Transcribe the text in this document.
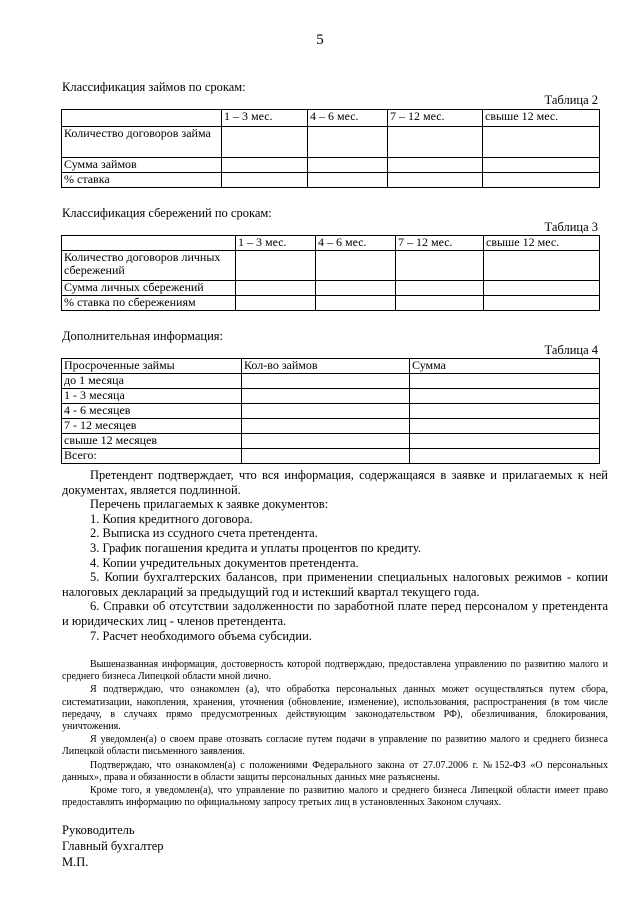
5
Классификация займов по срокам:
Таблица 2
	1 – 3 мес.	4 – 6 мес.	7 – 12 мес.	свыше 12 мес.
Количество договоров займа				
Сумма займов				
% ставка				
Классификация сбережений по срокам:
Таблица 3
	1 – 3 мес.	4 – 6 мес.	7 – 12 мес.	свыше 12 мес.
Количество договоров личных сбережений				
Сумма личных сбережений				
% ставка по сбережениям				
Дополнительная информация:
Таблица 4
Просроченные займы	Кол-во займов	Сумма
до 1 месяца		
1 - 3 месяца		
4 - 6 месяцев		
7 - 12 месяцев		
свыше 12 месяцев		
Всего:		

Претендент подтверждает, что вся информация, содержащаяся в заявке и прилагаемых к ней документах, является подлинной.

Перечень прилагаемых к заявке документов:

1. Копия кредитного договора.

2. Выписка из ссудного счета претендента.

3. График погашения кредита и уплаты процентов по кредиту.

4. Копии учредительных документов претендента.

5. Копии бухгалтерских балансов, при применении специальных налоговых режимов - копии налоговых деклараций за предыдущий год и истекший квартал текущего года.

6. Справки об отсутствии задолженности по заработной плате перед персоналом у претендента и юридических лиц - членов претендента.

7. Расчет необходимого объема субсидии.

Вышеназванная информация, достоверность которой подтверждаю, предоставлена управлению по развитию малого и среднего бизнеса Липецкой области мной лично.

Я подтверждаю, что ознакомлен (а), что обработка персональных данных может осуществляться путем сбора, систематизации, накопления, хранения, уточнения (обновление, изменение), использования, распространения (в том числе передачу, в случаях прямо предусмотренных действующим законодательством РФ), обезличивания, блокирования, уничтожения.

Я уведомлен(а) о своем праве отозвать согласие путем подачи в управление по развитию малого и среднего бизнеса Липецкой области письменного заявления.

Подтверждаю, что ознакомлен(а) с положениями Федерального закона от 27.07.2006 г. №152-ФЗ «О персональных данных», права и обязанности в области защиты персональных данных мне разъяснены.

Кроме того, я уведомлен(а), что управление по развитию малого и среднего бизнеса Липецкой области имеет право предоставлять информацию по официальному запросу третьих лиц в установленных Законом случаях.

Руководитель
Главный бухгалтер
М.П.
